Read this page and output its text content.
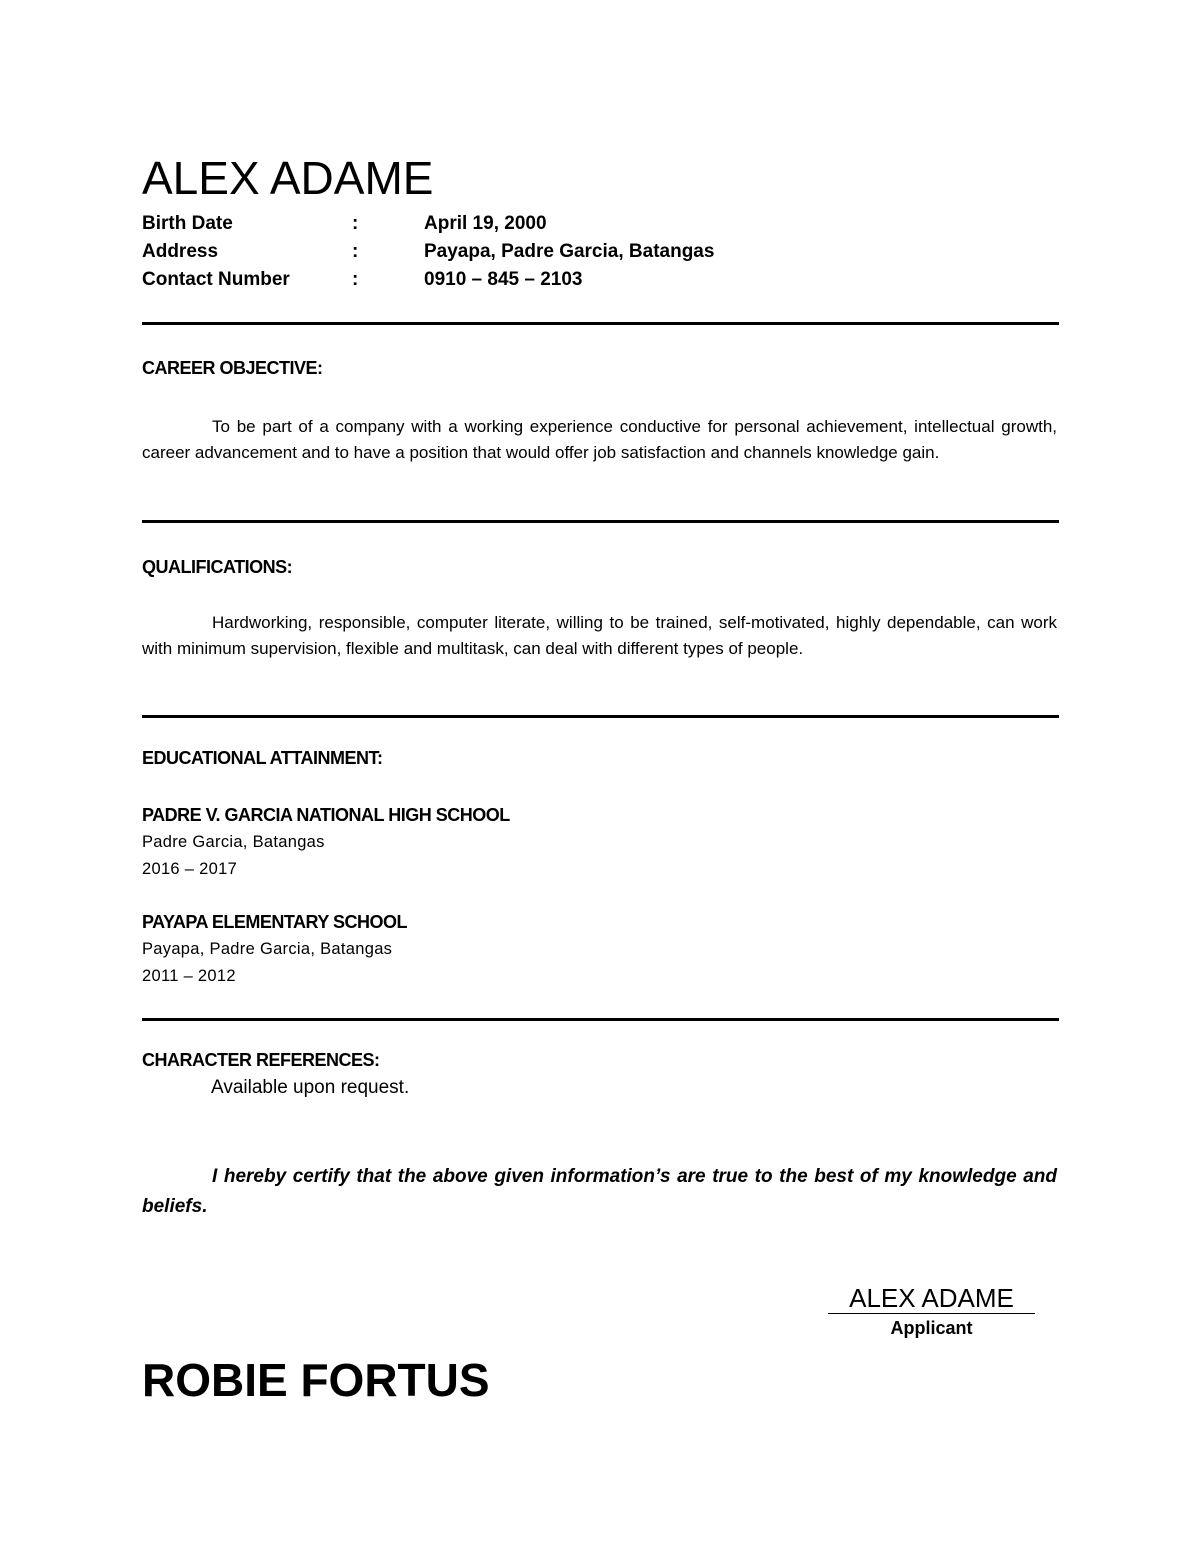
ALEX ADAME
Birth Date	:	April 19, 2000
Address	:	Payapa, Padre Garcia, Batangas
Contact Number	:	0910 – 845 – 2103
CAREER OBJECTIVE:
To be part of a company with a working experience conductive for personal achievement, intellectual growth, career advancement and to have a position that would offer job satisfaction and channels knowledge gain.
QUALIFICATIONS:
Hardworking, responsible, computer literate, willing to be trained, self-motivated, highly dependable, can work with minimum supervision, flexible and multitask, can deal with different types of people.
EDUCATIONAL ATTAINMENT:
PADRE V. GARCIA NATIONAL HIGH SCHOOL
Padre Garcia, Batangas
2016 – 2017
PAYAPA ELEMENTARY SCHOOL
Payapa, Padre Garcia, Batangas
2011 – 2012
CHARACTER REFERENCES:
Available upon request.
I hereby certify that the above given information’s are true to the best of my knowledge and beliefs.
ALEX ADAME
Applicant
ROBIE FORTUS
